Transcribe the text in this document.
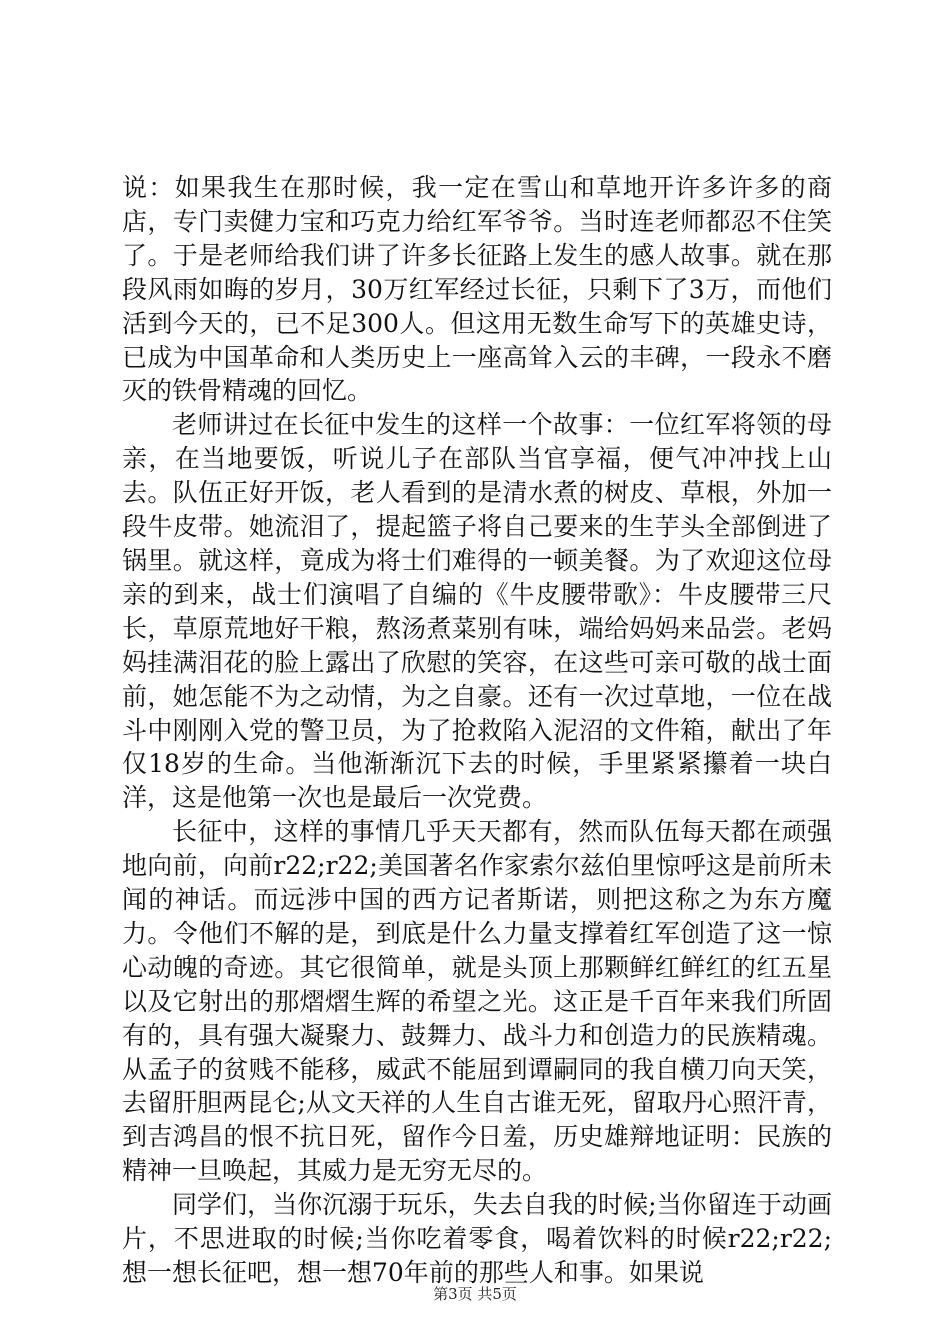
说：如果我生在那时候，我一定在雪山和草地开许多许多的商店，专门卖健力宝和巧克力给红军爷爷。当时连老师都忍不住笑了。于是老师给我们讲了许多长征路上发生的感人故事。就在那段风雨如晦的岁月，30万红军经过长征，只剩下了3万，而他们活到今天的，已不足300人。但这用无数生命写下的英雄史诗，已成为中国革命和人类历史上一座高耸入云的丰碑，一段永不磨灭的铁骨精魂的回忆。

老师讲过在长征中发生的这样一个故事：一位红军将领的母亲，在当地要饭，听说儿子在部队当官享福，便气冲冲找上山去。队伍正好开饭，老人看到的是清水煮的树皮、草根，外加一段牛皮带。她流泪了，提起篮子将自己要来的生芋头全部倒进了锅里。就这样，竟成为将士们难得的一顿美餐。为了欢迎这位母亲的到来，战士们演唱了自编的《牛皮腰带歌》：牛皮腰带三尺长，草原荒地好干粮，熬汤煮菜别有味，端给妈妈来品尝。老妈妈挂满泪花的脸上露出了欣慰的笑容，在这些可亲可敬的战士面前，她怎能不为之动情，为之自豪。还有一次过草地，一位在战斗中刚刚入党的警卫员，为了抢救陷入泥沼的文件箱，献出了年仅18岁的生命。当他渐渐沉下去的时候，手里紧紧攥着一块白洋，这是他第一次也是最后一次党费。

长征中，这样的事情几乎天天都有，然而队伍每天都在顽强地向前，向前r22;r22;美国著名作家索尔兹伯里惊呼这是前所未闻的神话。而远涉中国的西方记者斯诺，则把这称之为东方魔力。令他们不解的是，到底是什么力量支撑着红军创造了这一惊心动魄的奇迹。其它很简单，就是头顶上那颗鲜红鲜红的红五星以及它射出的那熠熠生辉的希望之光。这正是千百年来我们所固有的，具有强大凝聚力、鼓舞力、战斗力和创造力的民族精魂。从孟子的贫贱不能移，威武不能屈到谭嗣同的我自横刀向天笑，去留肝胆两昆仑;从文天祥的人生自古谁无死，留取丹心照汗青，到吉鸿昌的恨不抗日死，留作今日羞，历史雄辩地证明：民族的精神一旦唤起，其威力是无穷无尽的。

同学们，当你沉溺于玩乐，失去自我的时候;当你留连于动画片，不思进取的时候;当你吃着零食，喝着饮料的时候r22;r22;想一想长征吧，想一想70年前的那些人和事。如果说

第3页 共5页
